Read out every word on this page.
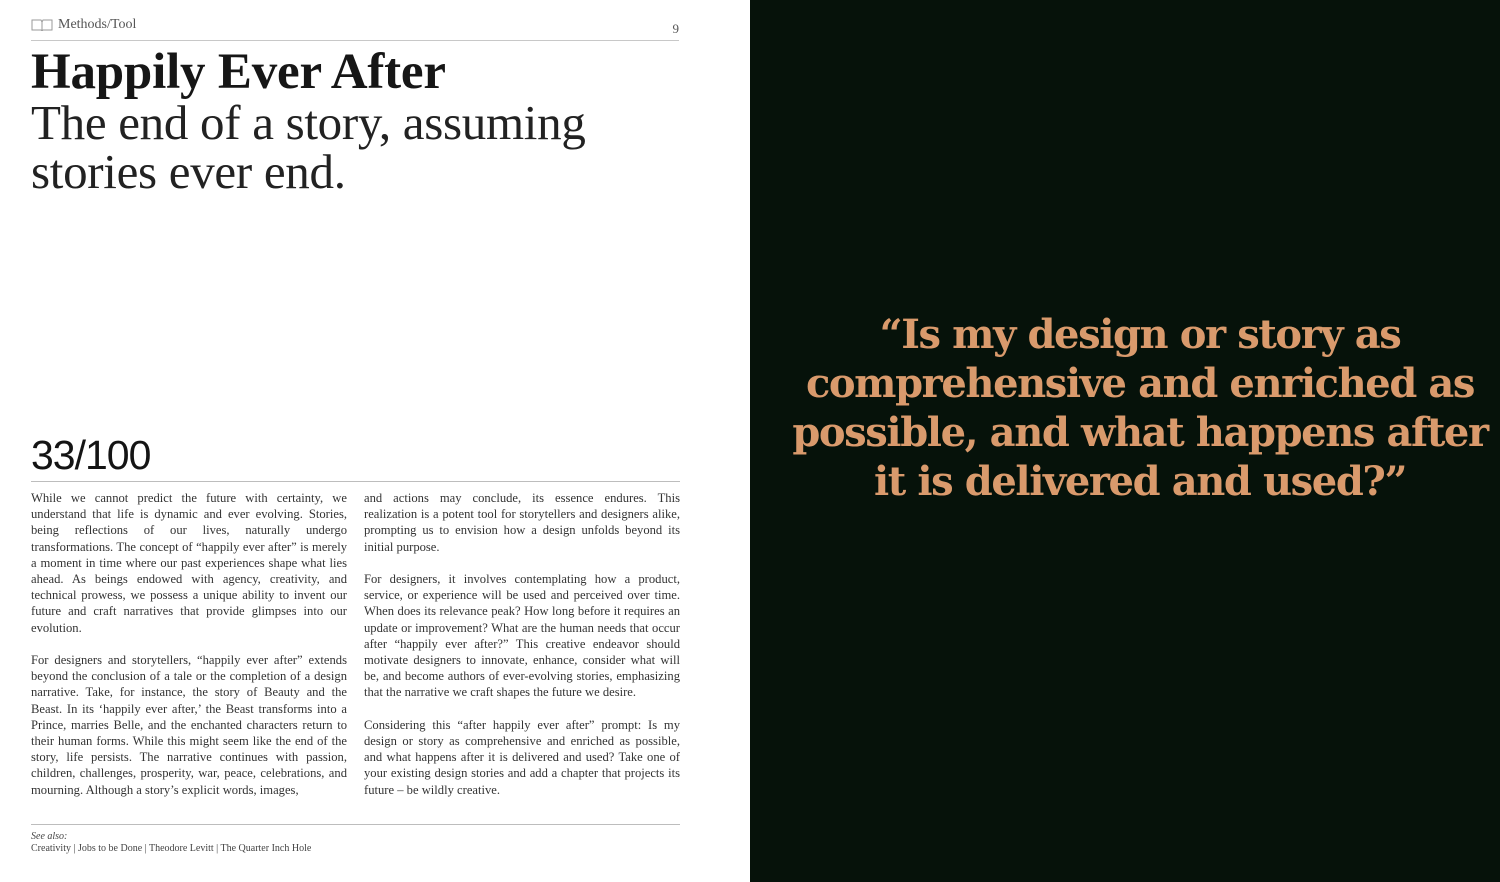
Methods/Tool	9
Happily Ever After
The end of a story, assuming stories ever end.
33/100

While we cannot predict the future with certainty, we understand that life is dynamic and ever evolving. Stories, being reflections of our lives, naturally undergo transformations. The concept of “happily ever after” is merely a moment in time where our past experiences shape what lies ahead. As beings endowed with agency, creativity, and technical prowess, we possess a unique ability to invent our future and craft narratives that provide glimpses into our evolution.

For designers and storytellers, “happily ever after” extends beyond the conclusion of a tale or the completion of a design narrative. Take, for instance, the story of Beauty and the Beast. In its ‘happily ever after,’ the Beast transforms into a Prince, marries Belle, and the enchanted characters return to their human forms. While this might seem like the end of the story, life persists. The narrative continues with passion, children, challenges, prosperity, war, peace, celebrations, and mourning. Although a story’s explicit words, images,

and actions may conclude, its essence endures. This realization is a potent tool for storytellers and designers alike, prompting us to envision how a design unfolds beyond its initial purpose.

For designers, it involves contemplating how a product, service, or experience will be used and perceived over time. When does its relevance peak? How long before it requires an update or improvement? What are the human needs that occur after “happily ever after?” This creative endeavor should motivate designers to innovate, enhance, consider what will be, and become authors of ever-evolving stories, emphasizing that the narrative we craft shapes the future we desire.

Considering this “after happily ever after” prompt: Is my design or story as comprehensive and enriched as possible, and what happens after it is delivered and used? Take one of your existing design stories and add a chapter that projects its future – be wildly creative.

See also:
Creativity | Jobs to be Done | Theodore Levitt | The Quarter Inch Hole

“Is my design or story as comprehensive and enriched as possible, and what happens after it is delivered and used?”
